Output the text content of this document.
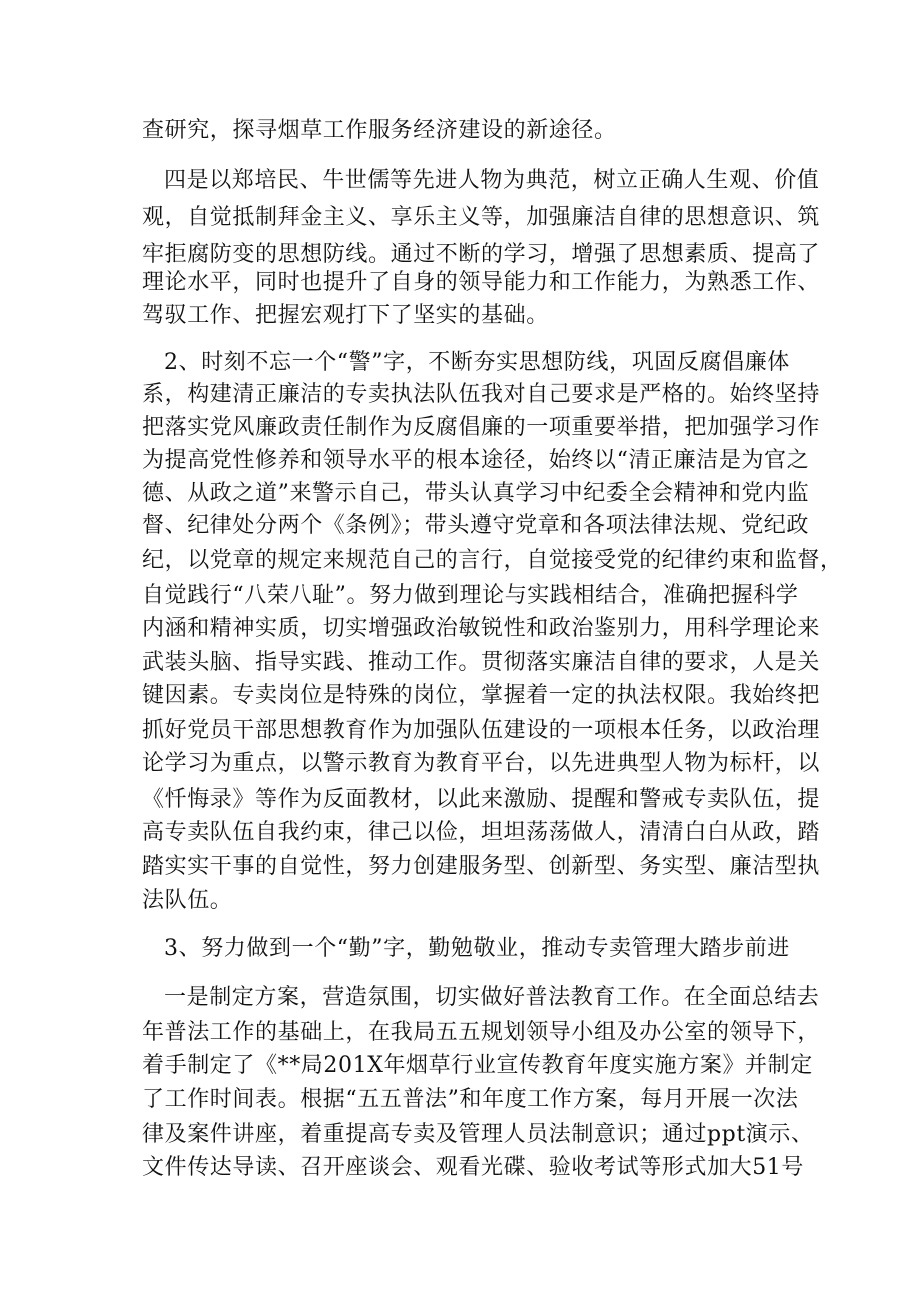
查研究，探寻烟草工作服务经济建设的新途径。
四是以郑培民、牛世儒等先进人物为典范，树立正确人生观、价值
观，自觉抵制拜金主义、享乐主义等，加强廉洁自律的思想意识、筑
牢拒腐防变的思想防线。通过不断的学习，增强了思想素质、提高了
理论水平，同时也提升了自身的领导能力和工作能力，为熟悉工作、
驾驭工作、把握宏观打下了坚实的基础。
2、时刻不忘一个“警”字，不断夯实思想防线，巩固反腐倡廉体
系，构建清正廉洁的专卖执法队伍我对自己要求是严格的。始终坚持
把落实党风廉政责任制作为反腐倡廉的一项重要举措，把加强学习作
为提高党性修养和领导水平的根本途径，始终以“清正廉洁是为官之
德、从政之道”来警示自己，带头认真学习中纪委全会精神和党内监
督、纪律处分两个《条例》；带头遵守党章和各项法律法规、党纪政
纪，以党章的规定来规范自己的言行，自觉接受党的纪律约束和监督，
自觉践行“八荣八耻”。努力做到理论与实践相结合，准确把握科学
内涵和精神实质，切实增强政治敏锐性和政治鉴别力，用科学理论来
武装头脑、指导实践、推动工作。贯彻落实廉洁自律的要求，人是关
键因素。专卖岗位是特殊的岗位，掌握着一定的执法权限。我始终把
抓好党员干部思想教育作为加强队伍建设的一项根本任务，以政治理
论学习为重点，以警示教育为教育平台，以先进典型人物为标杆，以
《忏悔录》等作为反面教材，以此来激励、提醒和警戒专卖队伍，提
高专卖队伍自我约束，律己以俭，坦坦荡荡做人，清清白白从政，踏
踏实实干事的自觉性，努力创建服务型、创新型、务实型、廉洁型执
法队伍。
3、努力做到一个“勤”字，勤勉敬业，推动专卖管理大踏步前进
一是制定方案，营造氛围，切实做好普法教育工作。在全面总结去
年普法工作的基础上，在我局五五规划领导小组及办公室的领导下，
着手制定了《**局201X年烟草行业宣传教育年度实施方案》并制定
了工作时间表。根据“五五普法”和年度工作方案，每月开展一次法
律及案件讲座，着重提高专卖及管理人员法制意识；通过ppt演示、
文件传达导读、召开座谈会、观看光碟、验收考试等形式加大51号
